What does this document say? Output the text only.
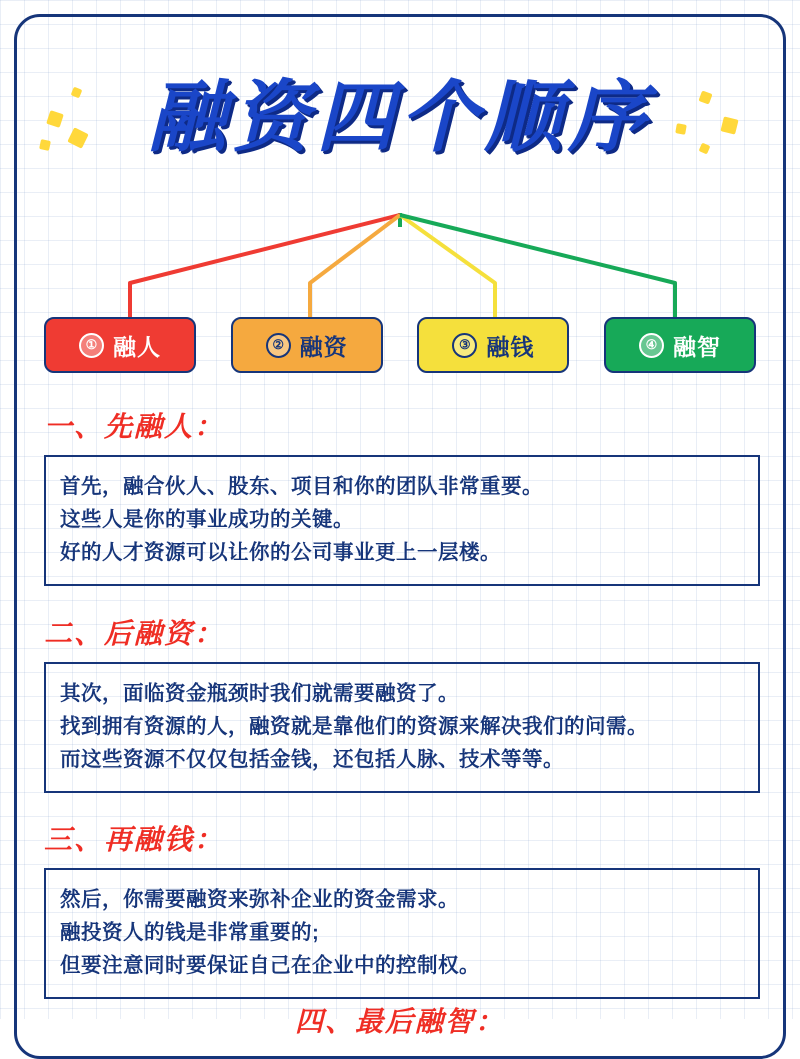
融资四个顺序
① 融人	② 融资	③ 融钱	④ 融智
一、先融人：
首先，融合伙人、股东、项目和你的团队非常重要。
这些人是你的事业成功的关键。
好的人才资源可以让你的公司事业更上一层楼。
二、后融资：
其次，面临资金瓶颈时我们就需要融资了。
找到拥有资源的人，融资就是靠他们的资源来解决我们的问需。
而这些资源不仅仅包括金钱，还包括人脉、技术等等。
三、再融钱：
然后，你需要融资来弥补企业的资金需求。
融投资人的钱是非常重要的;
但要注意同时要保证自己在企业中的控制权。
四、最后融智：
